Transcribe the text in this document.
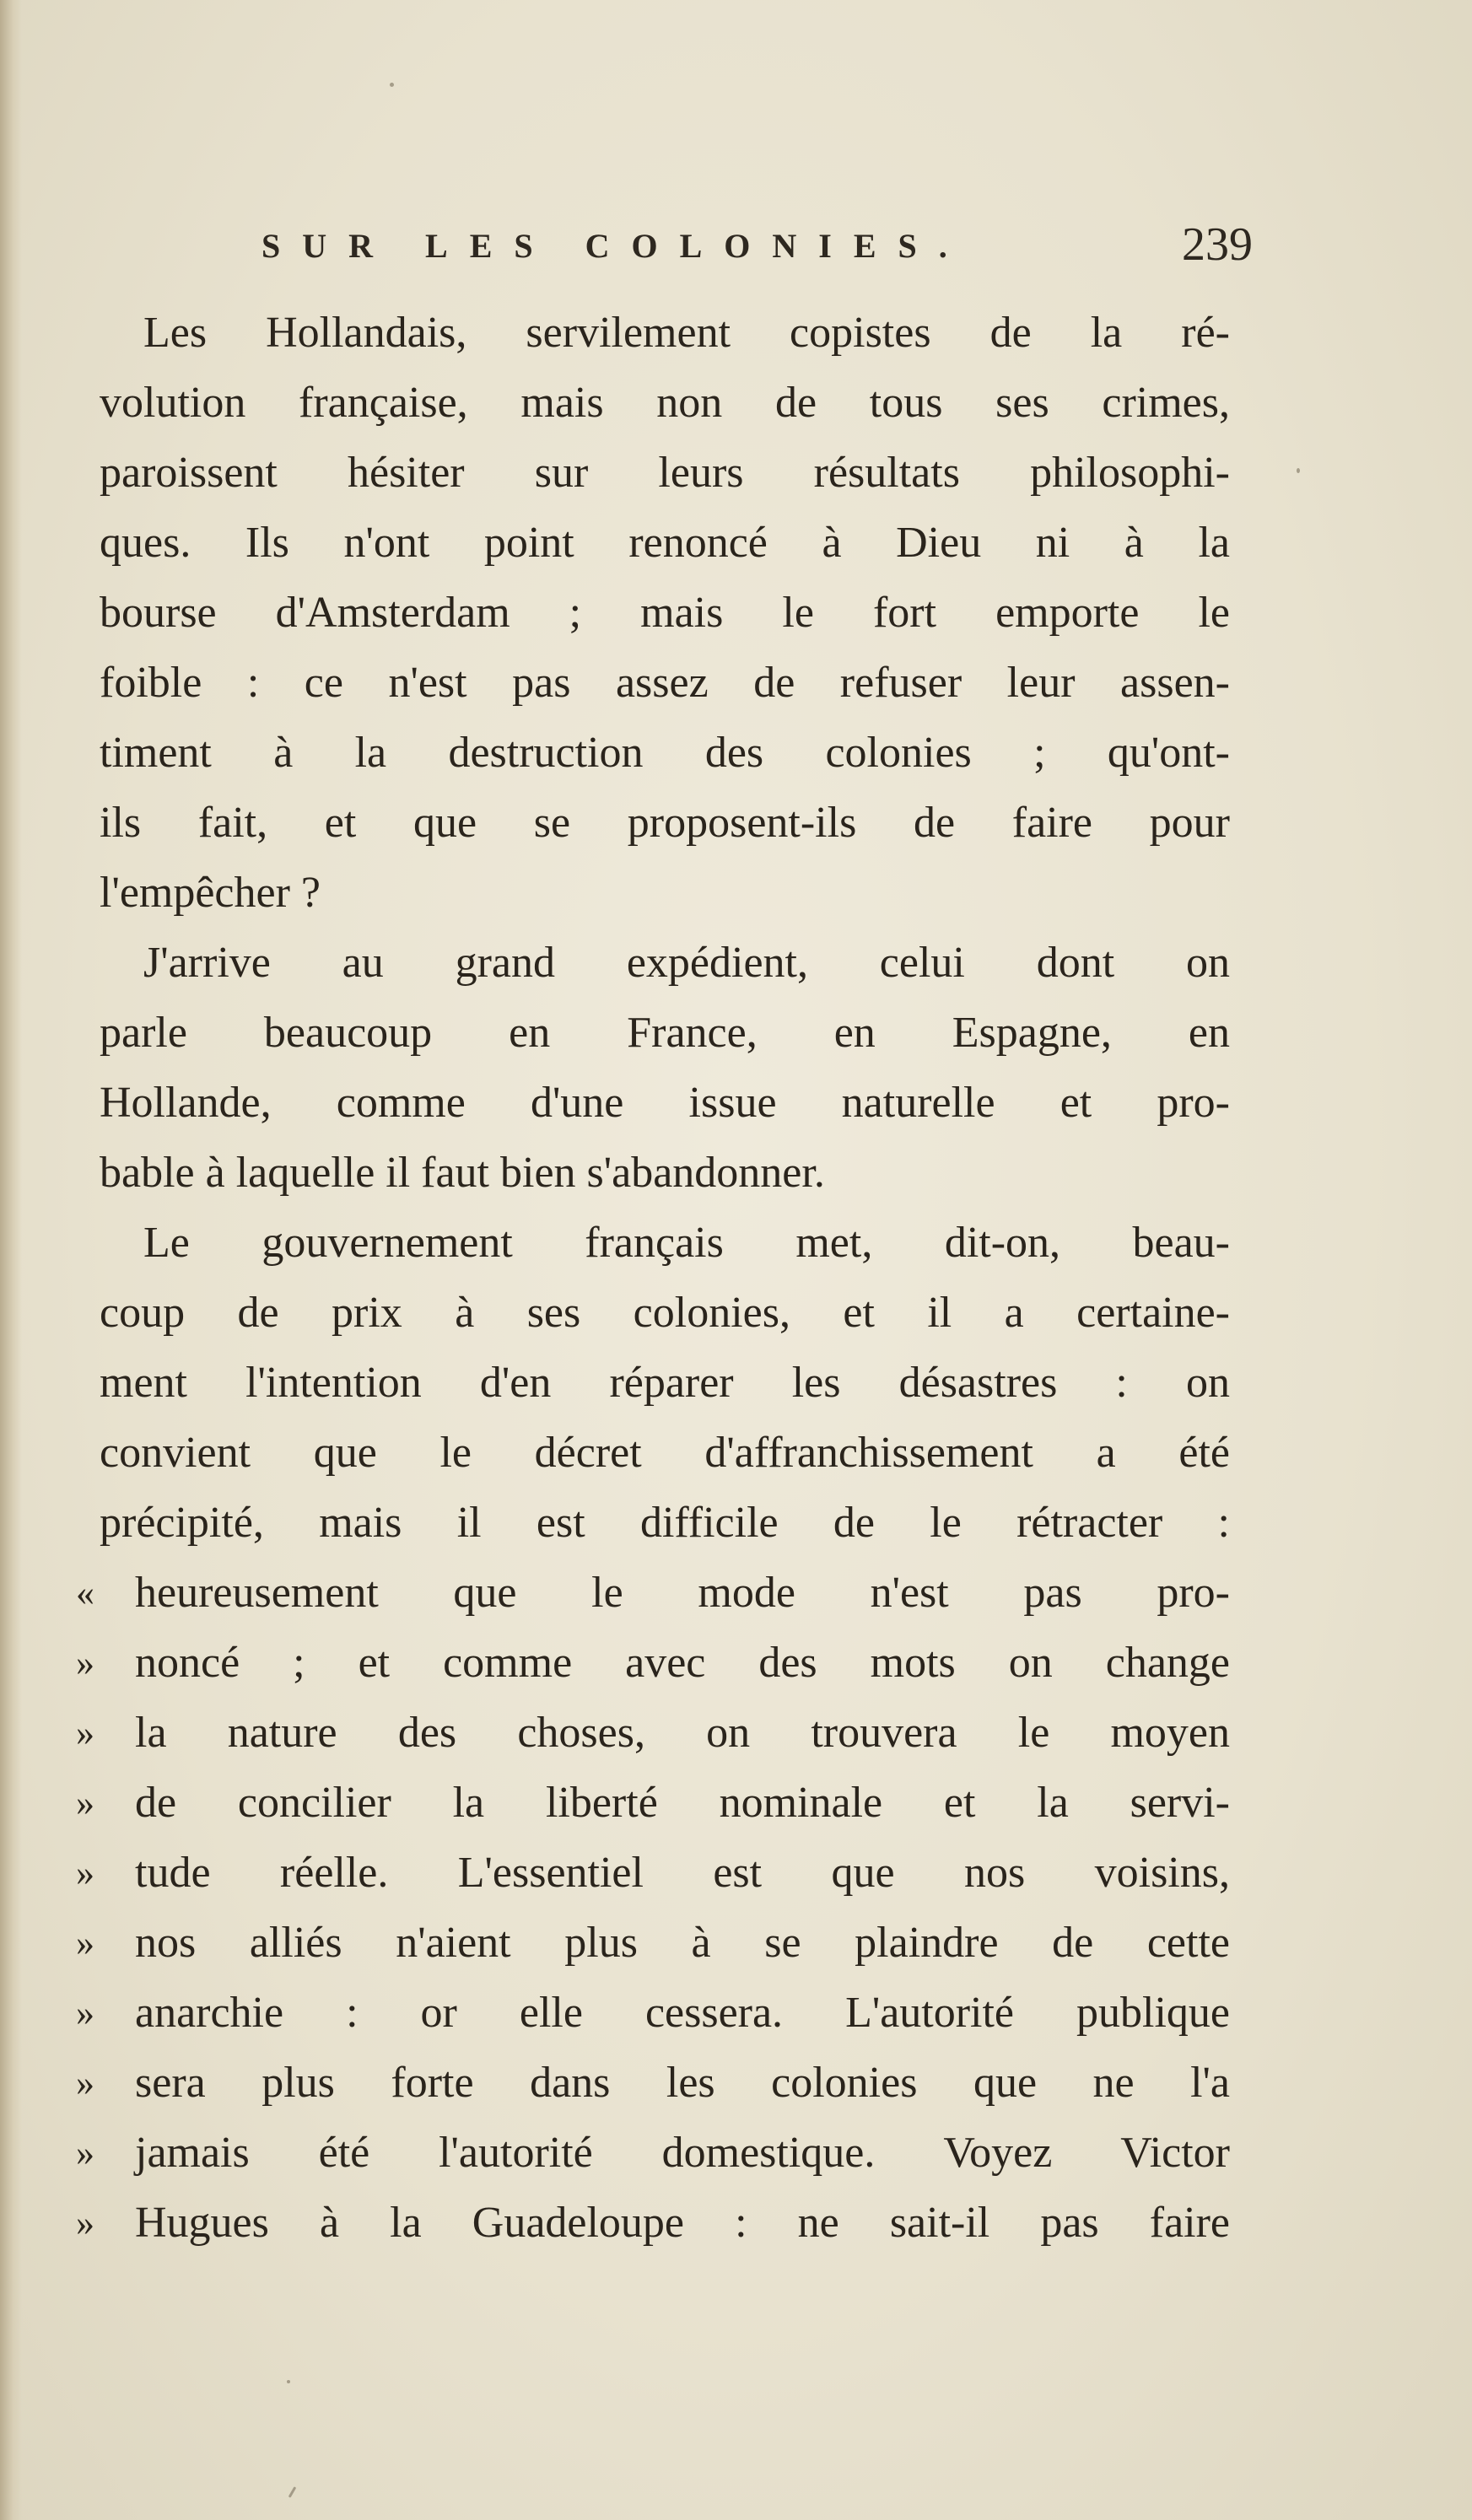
SUR LES COLONIES.	239
Les Hollandais, servilement copistes de la ré-
volution française, mais non de tous ses crimes,
paroissent hésiter sur leurs résultats philosophi-
ques. Ils n'ont point renoncé à Dieu ni à la
bourse d'Amsterdam ; mais le fort emporte le
foible : ce n'est pas assez de refuser leur assen-
timent à la destruction des colonies ; qu'ont-
ils fait, et que se proposent-ils de faire pour
l'empêcher ?
J'arrive au grand expédient, celui dont on
parle beaucoup en France, en Espagne, en
Hollande, comme d'une issue naturelle et pro-
bable à laquelle il faut bien s'abandonner.
Le gouvernement français met, dit-on, beau-
coup de prix à ses colonies, et il a certaine-
ment l'intention d'en réparer les désastres : on
convient que le décret d'affranchissement a été
précipité, mais il est difficile de le rétracter :
« heureusement que le mode n'est pas pro-
» noncé ; et comme avec des mots on change
» la nature des choses, on trouvera le moyen
» de concilier la liberté nominale et la servi-
» tude réelle. L'essentiel est que nos voisins,
» nos alliés n'aient plus à se plaindre de cette
» anarchie : or elle cessera. L'autorité publique
» sera plus forte dans les colonies que ne l'a
» jamais été l'autorité domestique. Voyez Victor
» Hugues à la Guadeloupe : ne sait-il pas faire
